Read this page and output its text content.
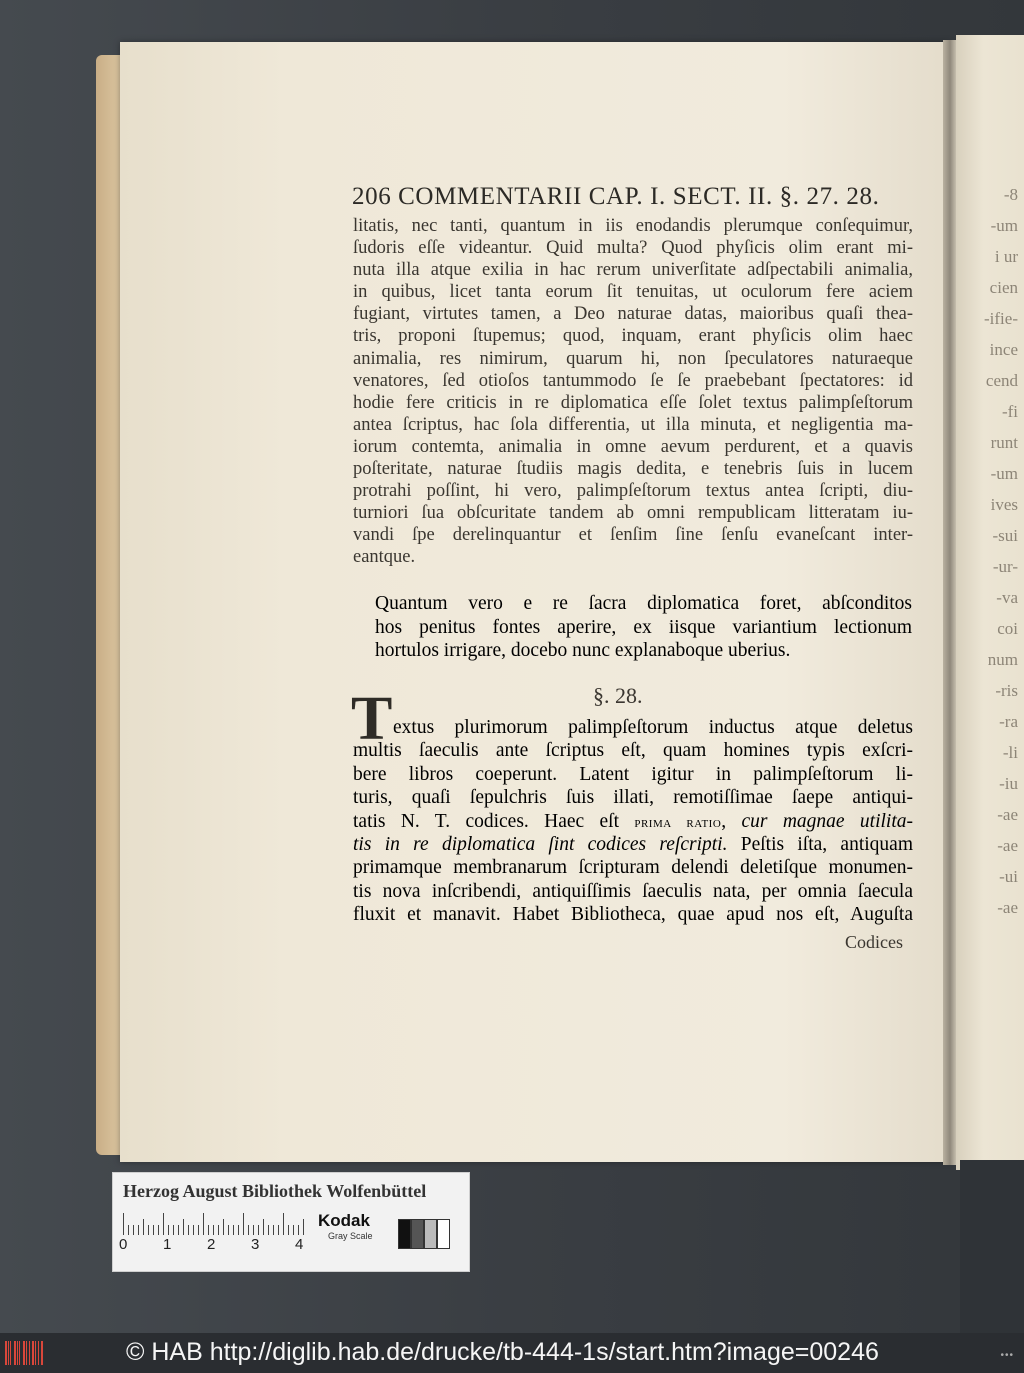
-8
-um
i ur
cien
-ifie-
ince
cend
-fi
runt
-um
ives
-sui
-ur-
-va
coi
num
-ris
-ra
-li
-iu
-ae
-ae
-ui
-ae
206 COMMENTARII CAP. I. SECT. II. §. 27. 28.
litatis, nec tanti, quantum in iis enodandis plerumque conſequimur,
ſudoris eſſe videantur. Quid multa? Quod phyſicis olim erant mi-
nuta illa atque exilia in hac rerum univerſitate adſpectabili animalia,
in quibus, licet tanta eorum ſit tenuitas, ut oculorum fere aciem
fugiant, virtutes tamen, a Deo naturae datas, maioribus quaſi thea-
tris, proponi ſtupemus; quod, inquam, erant phyſicis olim haec
animalia, res nimirum, quarum hi, non ſpeculatores naturaeque
venatores, ſed otioſos tantummodo ſe ſe praebebant ſpectatores: id
hodie fere criticis in re diplomatica eſſe ſolet textus palimpſeſtorum
antea ſcriptus, hac ſola differentia, ut illa minuta, et negligentia ma-
iorum contemta, animalia in omne aevum perdurent, et a quavis
poſteritate, naturae ſtudiis magis dedita, e tenebris ſuis in lucem
protrahi poſſint, hi vero, palimpſeſtorum textus antea ſcripti, diu-
turniori ſua obſcuritate tandem ab omni rempublicam litteratam iu-
vandi ſpe derelinquantur et ſenſim ſine ſenſu evaneſcant inter-
eantque.
Quantum vero e re ſacra diplomatica foret, abſconditos
hos penitus fontes aperire, ex iisque variantium lectionum
hortulos irrigare, docebo nunc explanaboque uberius.
§. 28.
T extus plurimorum palimpſeſtorum inductus atque deletus
multis ſaeculis ante ſcriptus eſt, quam homines typis exſcri-
bere libros coeperunt. Latent igitur in palimpſeſtorum li-
turis, quaſi ſepulchris ſuis illati, remotiſſimae ſaepe antiqui-
tatis N. T. codices. Haec eſt prima ratio, cur magnae utilita-
tis in re diplomatica ſint codices reſcripti. Peſtis iſta, antiquam
primamque membranarum ſcripturam delendi deletiſque monumen-
tis nova inſcribendi, antiquiſſimis ſaeculis nata, per omnia ſaecula
fluxit et manavit. Habet Bibliotheca, quae apud nos eſt, Auguſta
Codices
Herzog August Bibliothek Wolfenbüttel
Kodak
Gray Scale
0 1 2 3 4
© HAB http://diglib.hab.de/drucke/tb-444-1s/start.htm?image=00246	•••
